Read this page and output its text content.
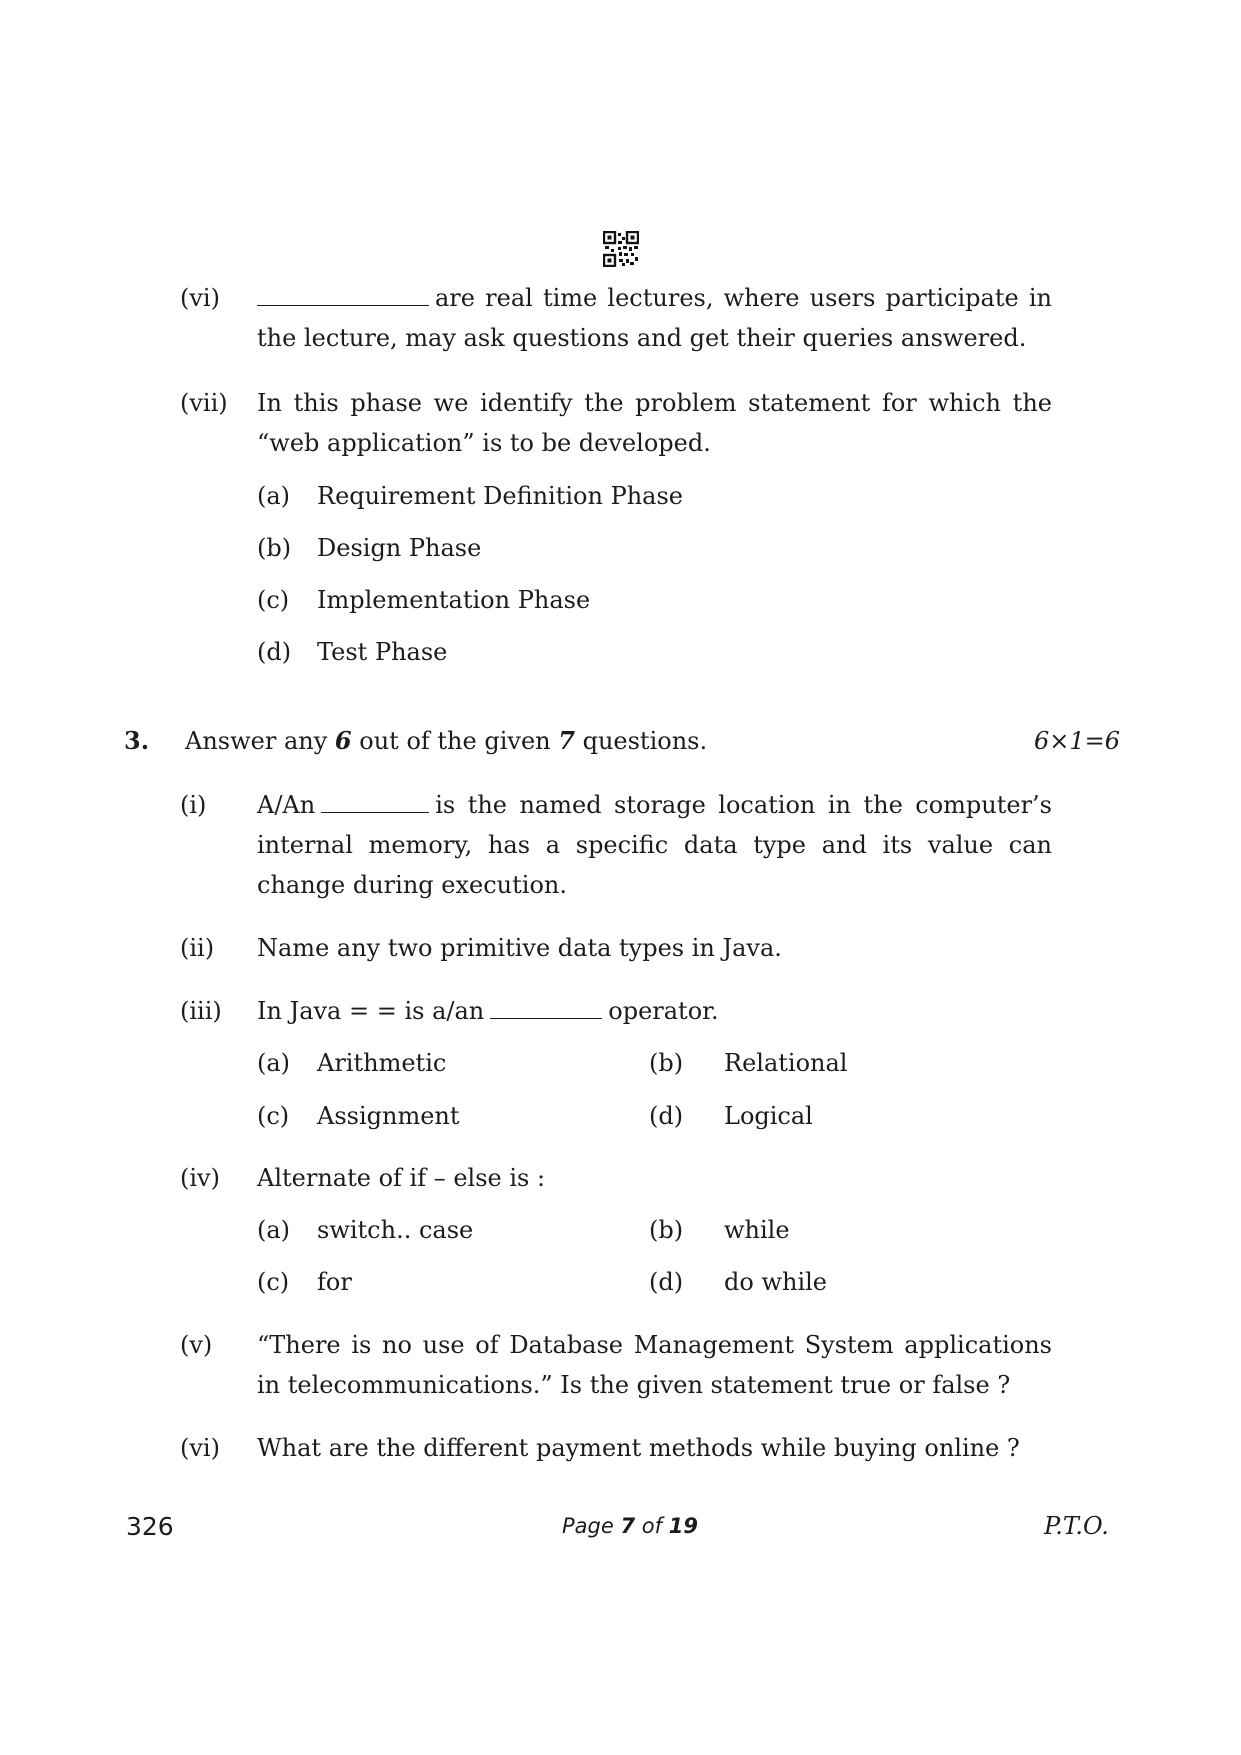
(vi)	are real time lectures, where users participate in the lecture, may ask questions and get their queries answered.
(vii) In this phase we identify the problem statement for which the “web application” is to be developed.
(a) Requirement Definition Phase
(b) Design Phase
(c) Implementation Phase
(d) Test Phase
3. Answer any 6 out of the given 7 questions.	6×1=6
(i) A/An	is the named storage location in the computer’s internal memory, has a specific data type and its value can change during execution.
(ii) Name any two primitive data types in Java.
(iii) In Java = = is a/an	operator.
(a) Arithmetic	(b) Relational
(c) Assignment	(d) Logical
(iv) Alternate of if – else is :
(a) switch.. case	(b) while
(c) for	(d) do while
(v) “There is no use of Database Management System applications in telecommunications.” Is the given statement true or false ?
(vi) What are the different payment methods while buying online ?
326	Page 7 of 19	P.T.O.
